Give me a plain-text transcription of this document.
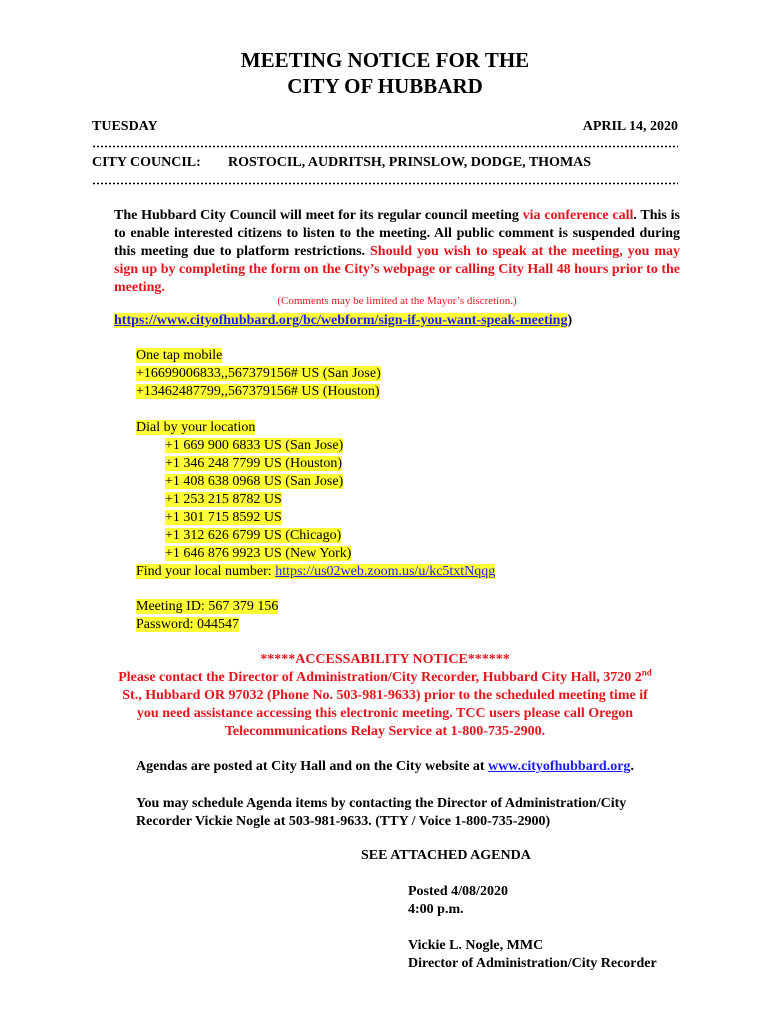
MEETING NOTICE FOR THE
CITY OF HUBBARD
TUESDAY	APRIL 14, 2020
CITY COUNCIL: ROSTOCIL, AUDRITSH, PRINSLOW, DODGE, THOMAS
The Hubbard City Council will meet for its regular council meeting via conference call. This is to enable interested citizens to listen to the meeting. All public comment is suspended during this meeting due to platform restrictions. Should you wish to speak at the meeting, you may sign up by completing the form on the City’s webpage or calling City Hall 48 hours prior to the meeting.
(Comments may be limited at the Mayor’s discretion.)
https://www.cityofhubbard.org/bc/webform/sign-if-you-want-speak-meeting)
One tap mobile
+16699006833,,567379156# US (San Jose)
+13462487799,,567379156# US (Houston)
Dial by your location
+1 669 900 6833 US (San Jose)
+1 346 248 7799 US (Houston)
+1 408 638 0968 US (San Jose)
+1 253 215 8782 US
+1 301 715 8592 US
+1 312 626 6799 US (Chicago)
+1 646 876 9923 US (New York)
Find your local number: https://us02web.zoom.us/u/kc5txtNqqg
Meeting ID: 567 379 156
Password: 044547
*****ACCESSABILITY NOTICE******
Please contact the Director of Administration/City Recorder, Hubbard City Hall, 3720 2nd
St., Hubbard OR 97032 (Phone No. 503-981-9633) prior to the scheduled meeting time if
you need assistance accessing this electronic meeting. TCC users please call Oregon
Telecommunications Relay Service at 1-800-735-2900.
Agendas are posted at City Hall and on the City website at www.cityofhubbard.org.
You may schedule Agenda items by contacting the Director of Administration/City
Recorder Vickie Nogle at 503-981-9633. (TTY / Voice 1-800-735-2900)
SEE ATTACHED AGENDA
Posted 4/08/2020
4:00 p.m.
Vickie L. Nogle, MMC
Director of Administration/City Recorder
